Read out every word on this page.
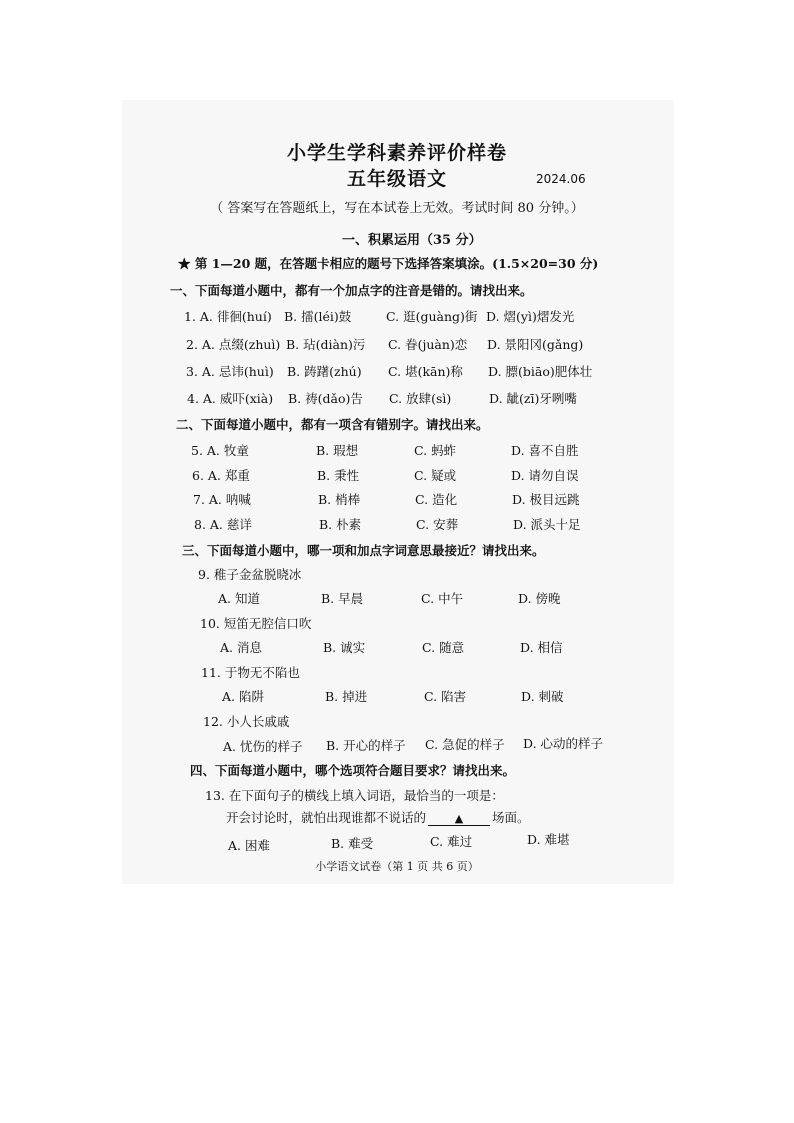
小学生学科素养评价样卷
五年级语文	2024.06
（ 答案写在答题纸上，写在本试卷上无效。考试时间 80 分钟。）
一、积累运用（35 分）
★ 第 1—20 题，在答题卡相应的题号下选择答案填涂。(1.5×20=30 分)
一、下面每道小题中，都有一个加点字的注音是错的。请找出来。
1. A. 徘徊(huí) B. 擂(léi)鼓	C. 逛(guàng)街 D. 熠(yì)熠发光
2. A. 点缀(zhuì) B. 玷(diàn)污 C. 眷(juàn)恋 D. 景阳冈(gǎng)
3. A. 忌讳(huì) B. 踌躇(zhú) C. 堪(kān)称 D. 膘(biāo)肥体壮
4. A. 威吓(xià) B. 祷(dǎo)告 C. 放肆(sì)	D. 龇(zī)牙咧嘴
二、下面每道小题中，都有一项含有错别字。请找出来。
5. A. 牧童	B. 瑕想	C. 蚂蚱	D. 喜不自胜
6. A. 郑重	B. 秉性	C. 疑或	D. 请勿自误
7. A. 呐喊	B. 梢棒	C. 造化	D. 极目远跳
8. A. 慈详	B. 朴素	C. 安葬	D. 派头十足
三、下面每道小题中，哪一项和加点字词意思最接近？请找出来。
9. 稚子金盆脱晓冰
A. 知道	B. 早晨	C. 中午	D. 傍晚
10. 短笛无腔信口吹
A. 消息	B. 诚实	C. 随意	D. 相信
11. 于物无不陷也
A. 陷阱	B. 掉进	C. 陷害	D. 刺破
12. 小人长戚戚
A. 忧伤的样子 B. 开心的样子 C. 急促的样子 D. 心动的样子
四、下面每道小题中，哪个选项符合题目要求？请找出来。
13. 在下面句子的横线上填入词语，最恰当的一项是：
开会讨论时，就怕出现谁都不说话的	▲ 场面。
A. 困难	B. 难受	C. 难过	D. 难堪
小学语文试卷（第 1 页 共 6 页）
